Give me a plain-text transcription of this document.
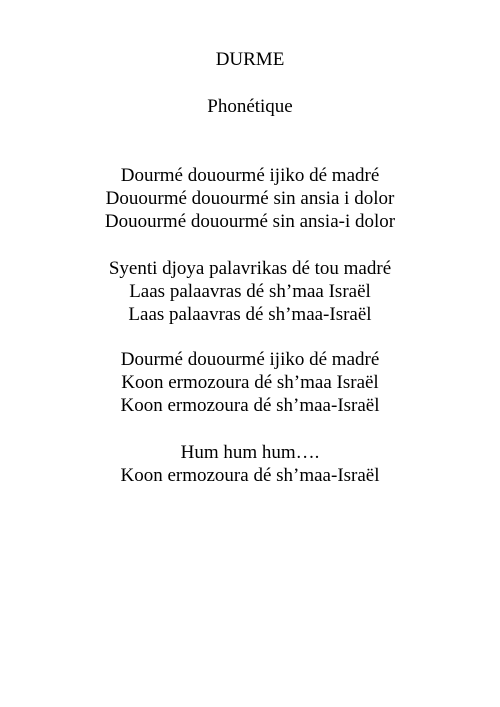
DURME

Phonétique

Dourmé douourmé ijiko dé madré
Douourmé douourmé sin ansia i dolor
Douourmé douourmé sin ansia-i dolor
Syenti djoya palavrikas dé tou madré
Laas palaavras dé sh’maa Israël
Laas palaavras dé sh’maa-Israël
Dourmé douourmé ijiko dé madré
Koon ermozoura dé sh’maa Israël
Koon ermozoura dé sh’maa-Israël
Hum hum hum….
Koon ermozoura dé sh’maa-Israël
